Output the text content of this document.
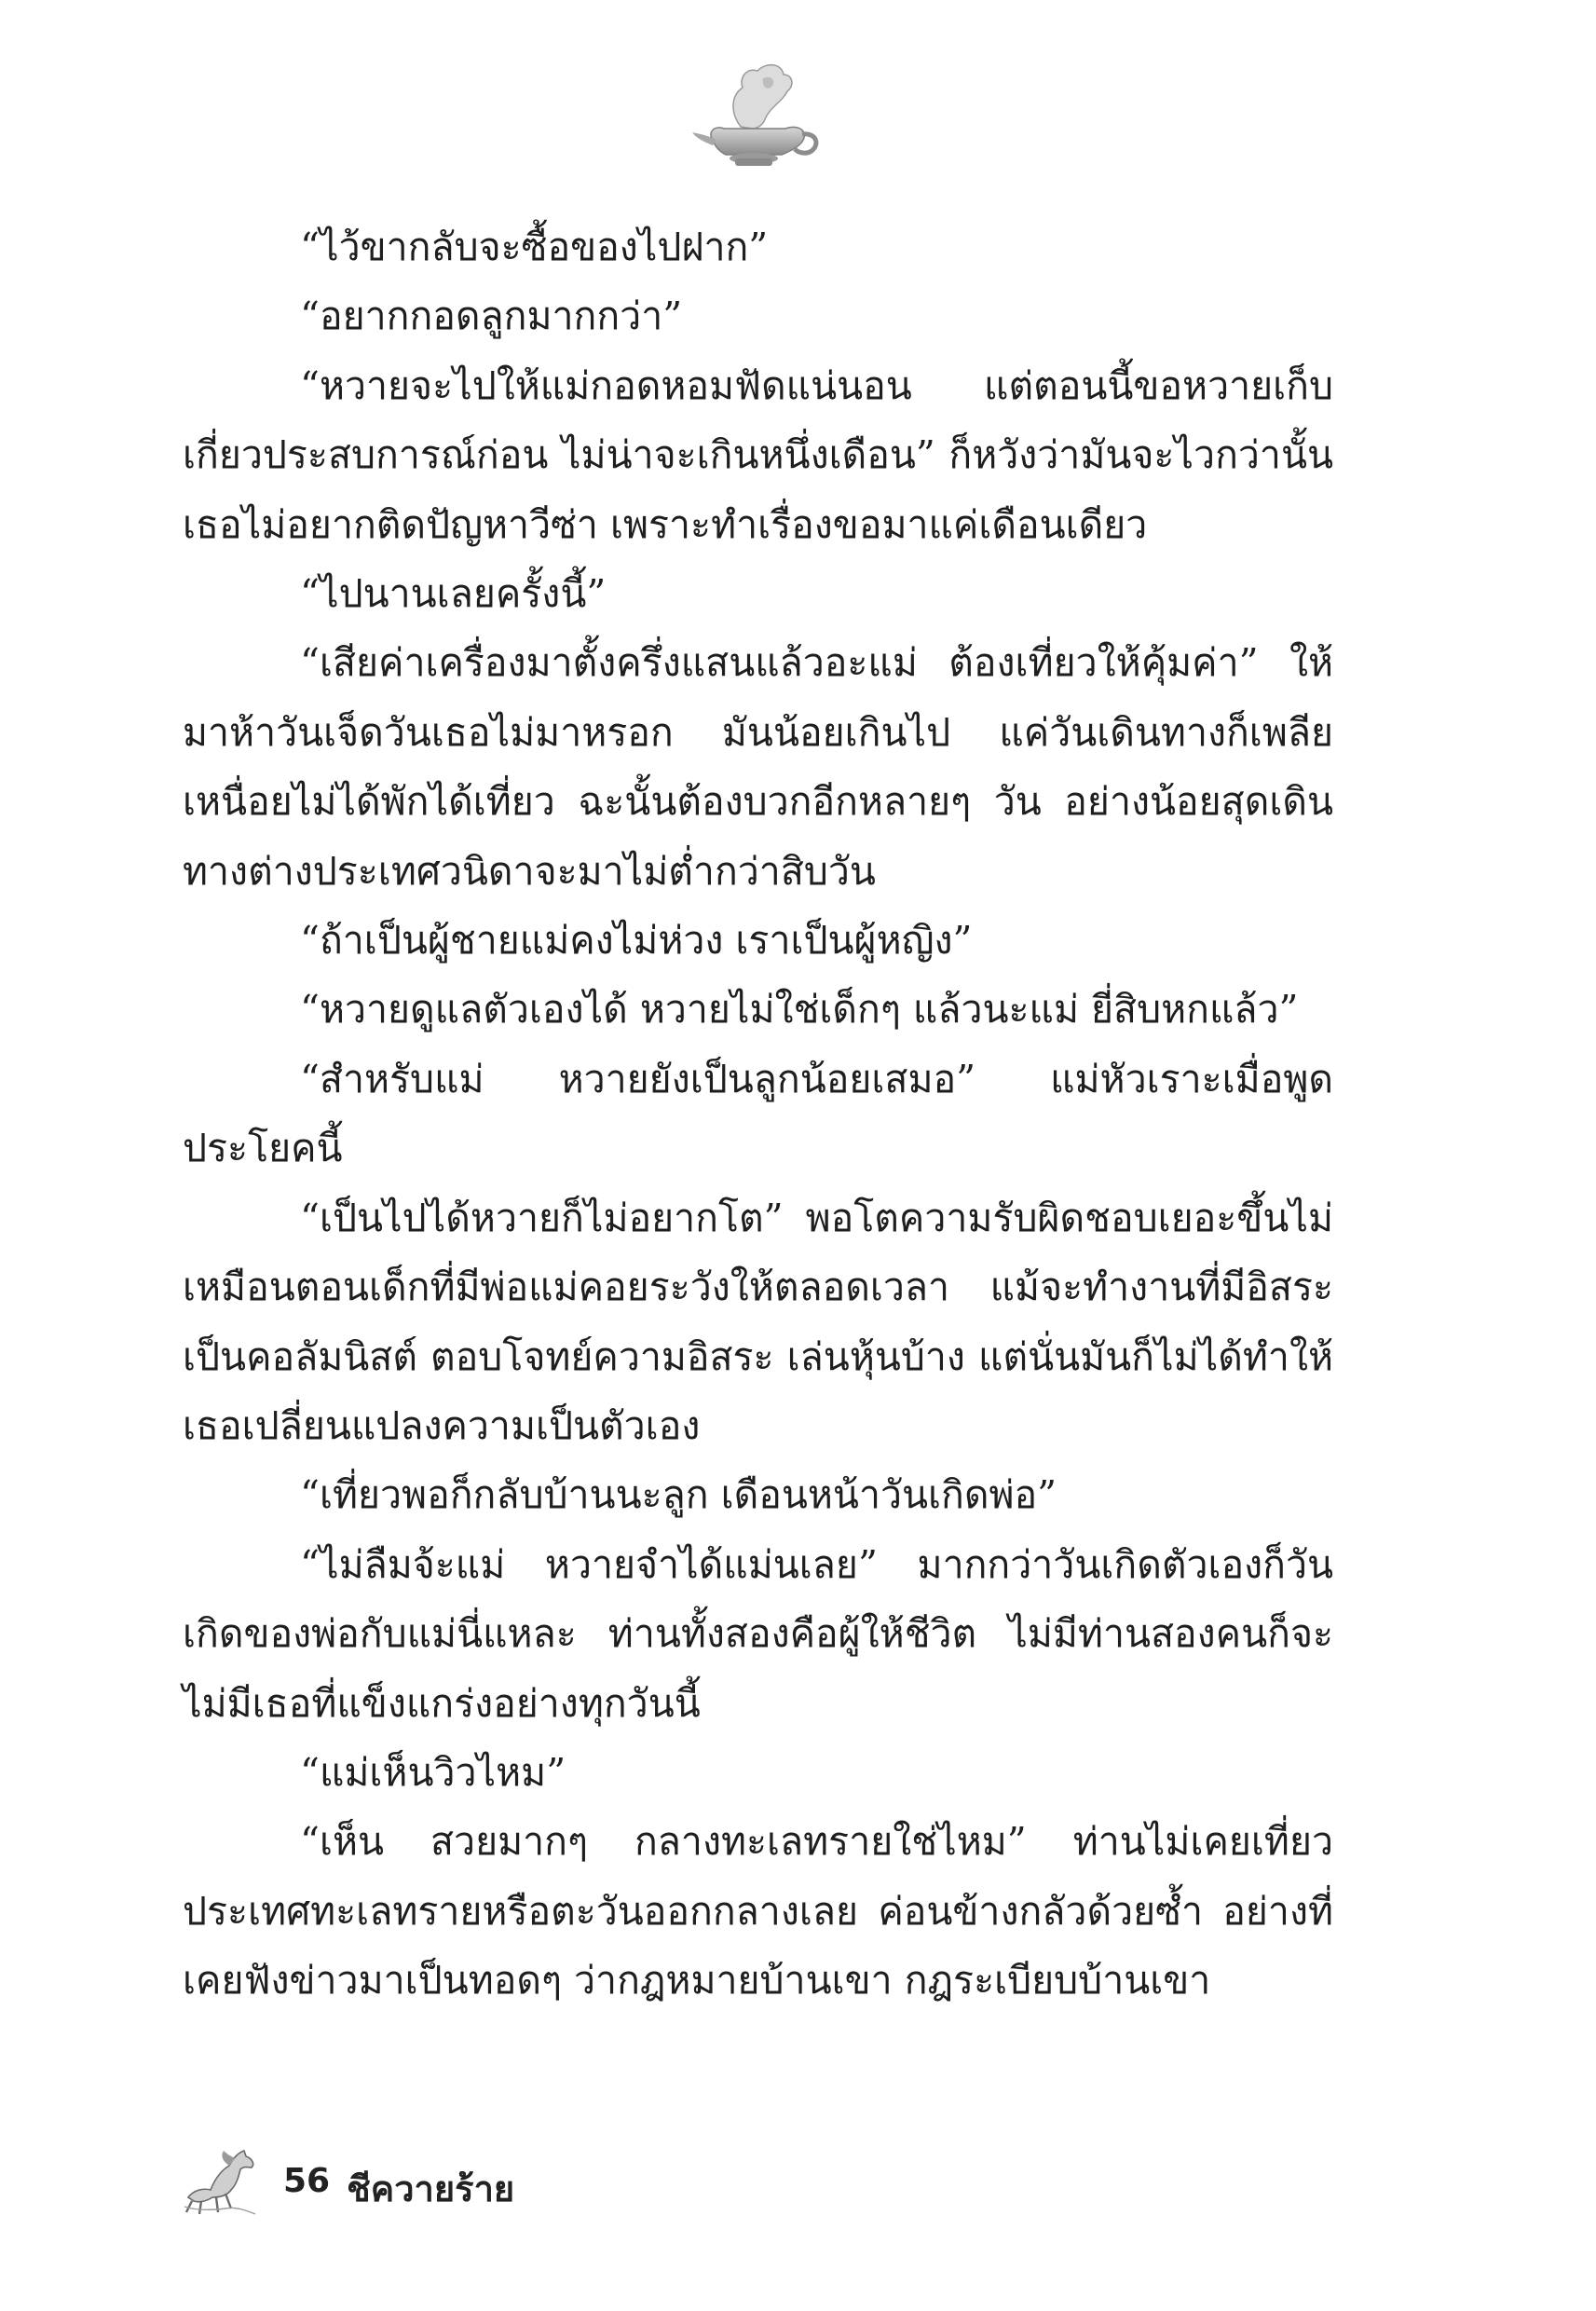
“ไว้ขากลับจะซื้อของไปฝาก”

“อยากกอดลูกมากกว่า”

“หวายจะไปให้แม่กอดหอมฟัดแน่นอน แต่ตอนนี้ขอหวายเก็บเกี่ยวประสบการณ์ก่อน ไม่น่าจะเกินหนึ่งเดือน” ก็หวังว่ามันจะไวกว่านั้น เธอไม่อยากติดปัญหาวีซ่า เพราะทำเรื่องขอมาแค่เดือนเดียว

“ไปนานเลยครั้งนี้”

“เสียค่าเครื่องมาตั้งครึ่งแสนแล้วอะแม่ ต้องเที่ยวให้คุ้มค่า” ให้มาห้าวันเจ็ดวันเธอไม่มาหรอก มันน้อยเกินไป แค่วันเดินทางก็เพลียเหนื่อยไม่ได้พักได้เที่ยว ฉะนั้นต้องบวกอีกหลายๆ วัน อย่างน้อยสุดเดินทางต่างประเทศวนิดาจะมาไม่ต่ำกว่าสิบวัน

“ถ้าเป็นผู้ชายแม่คงไม่ห่วง เราเป็นผู้หญิง”

“หวายดูแลตัวเองได้ หวายไม่ใช่เด็กๆ แล้วนะแม่ ยี่สิบหกแล้ว”

“สำหรับแม่ หวายยังเป็นลูกน้อยเสมอ” แม่หัวเราะเมื่อพูดประโยคนี้

“เป็นไปได้หวายก็ไม่อยากโต” พอโตความรับผิดชอบเยอะขึ้นไม่เหมือนตอนเด็กที่มีพ่อแม่คอยระวังให้ตลอดเวลา แม้จะทำงานที่มีอิสระ เป็นคอลัมนิสต์ ตอบโจทย์ความอิสระ เล่นหุ้นบ้าง แต่นั่นมันก็ไม่ได้ทำให้เธอเปลี่ยนแปลงความเป็นตัวเอง

“เที่ยวพอก็กลับบ้านนะลูก เดือนหน้าวันเกิดพ่อ”

“ไม่ลืมจ้ะแม่ หวายจำได้แม่นเลย” มากกว่าวันเกิดตัวเองก็วันเกิดของพ่อกับแม่นี่แหละ ท่านทั้งสองคือผู้ให้ชีวิต ไม่มีท่านสองคนก็จะไม่มีเธอที่แข็งแกร่งอย่างทุกวันนี้

“แม่เห็นวิวไหม”

“เห็น สวยมากๆ กลางทะเลทรายใช่ไหม” ท่านไม่เคยเที่ยวประเทศทะเลทรายหรือตะวันออกกลางเลย ค่อนข้างกลัวด้วยซ้ำ อย่างที่เคยฟังข่าวมาเป็นทอดๆ ว่ากฎหมายบ้านเขา กฎระเบียบบ้านเขา

56 ชีควายร้าย
